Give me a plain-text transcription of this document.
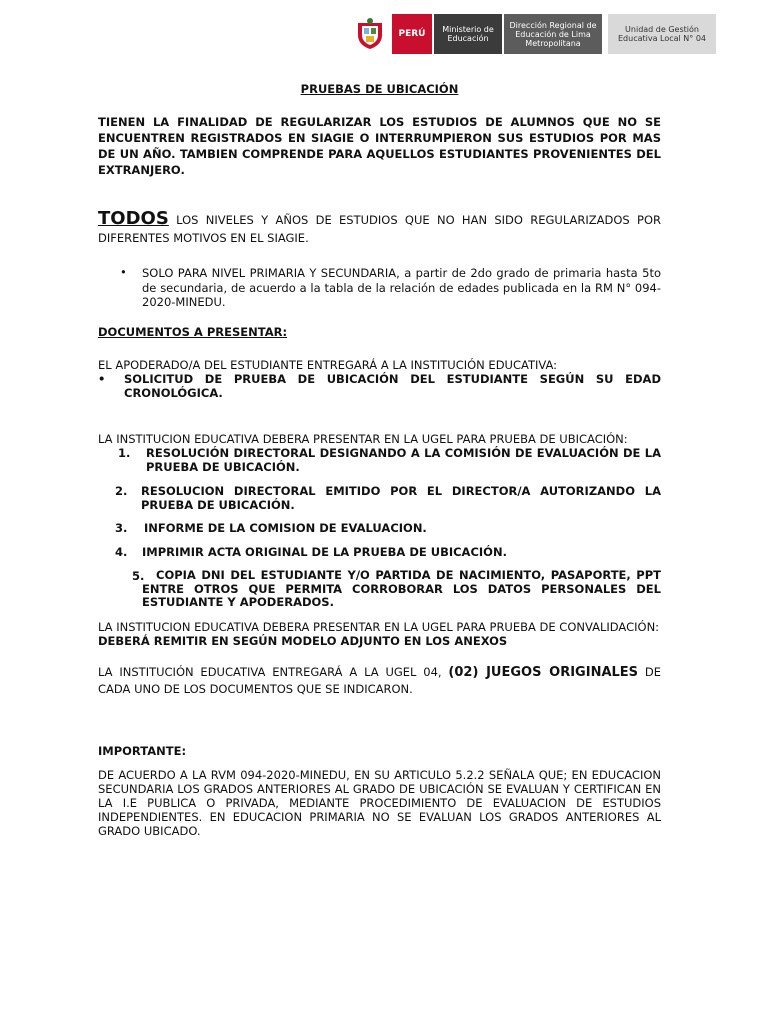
PERÚ	Ministerio de Educación
Dirección Regional de Educación de Lima Metropolitana
Unidad de Gestión Educativa Local N° 04
PRUEBAS DE UBICACIÓN
TIENEN LA FINALIDAD DE REGULARIZAR LOS ESTUDIOS DE ALUMNOS QUE NO SE ENCUENTREN REGISTRADOS EN SIAGIE O INTERRUMPIERON SUS ESTUDIOS POR MAS DE UN AÑO. TAMBIEN COMPRENDE PARA AQUELLOS ESTUDIANTES PROVENIENTES DEL EXTRANJERO.
TODOS LOS NIVELES Y AÑOS DE ESTUDIOS QUE NO HAN SIDO REGULARIZADOS POR DIFERENTES MOTIVOS EN EL SIAGIE.
• SOLO PARA NIVEL PRIMARIA Y SECUNDARIA, a partir de 2do grado de primaria hasta 5to de secundaria, de acuerdo a la tabla de la relación de edades publicada en la RM N° 094-2020-MINEDU.
DOCUMENTOS A PRESENTAR:
EL APODERADO/A DEL ESTUDIANTE ENTREGARÁ A LA INSTITUCIÓN EDUCATIVA:
• SOLICITUD DE PRUEBA DE UBICACIÓN DEL ESTUDIANTE SEGÚN SU EDAD CRONOLÓGICA.
LA INSTITUCION EDUCATIVA DEBERA PRESENTAR EN LA UGEL PARA PRUEBA DE UBICACIÓN:
1. RESOLUCIÓN DIRECTORAL DESIGNANDO A LA COMISIÓN DE EVALUACIÓN DE LA PRUEBA DE UBICACIÓN.
2. RESOLUCION DIRECTORAL EMITIDO POR EL DIRECTOR/A AUTORIZANDO LA PRUEBA DE UBICACIÓN.
3. INFORME DE LA COMISION DE EVALUACION.
4. IMPRIMIR ACTA ORIGINAL DE LA PRUEBA DE UBICACIÓN.
5.	COPIA DNI DEL ESTUDIANTE Y/O PARTIDA DE NACIMIENTO, PASAPORTE, PPT ENTRE OTROS QUE PERMITA CORROBORAR LOS DATOS PERSONALES DEL ESTUDIANTE Y APODERADOS.
LA INSTITUCION EDUCATIVA DEBERA PRESENTAR EN LA UGEL PARA PRUEBA DE CONVALIDACIÓN:
DEBERÁ REMITIR EN SEGÚN MODELO ADJUNTO EN LOS ANEXOS
LA INSTITUCIÓN EDUCATIVA ENTREGARÁ A LA UGEL 04, (02) JUEGOS ORIGINALES DE CADA UNO DE LOS DOCUMENTOS QUE SE INDICARON.
IMPORTANTE:
DE ACUERDO A LA RVM 094-2020-MINEDU, EN SU ARTICULO 5.2.2 SEÑALA QUE; EN EDUCACION SECUNDARIA LOS GRADOS ANTERIORES AL GRADO DE UBICACIÓN SE EVALUAN Y CERTIFICAN EN LA I.E PUBLICA O PRIVADA, MEDIANTE PROCEDIMIENTO DE EVALUACION DE ESTUDIOS INDEPENDIENTES. EN EDUCACION PRIMARIA NO SE EVALUAN LOS GRADOS ANTERIORES AL GRADO UBICADO.
